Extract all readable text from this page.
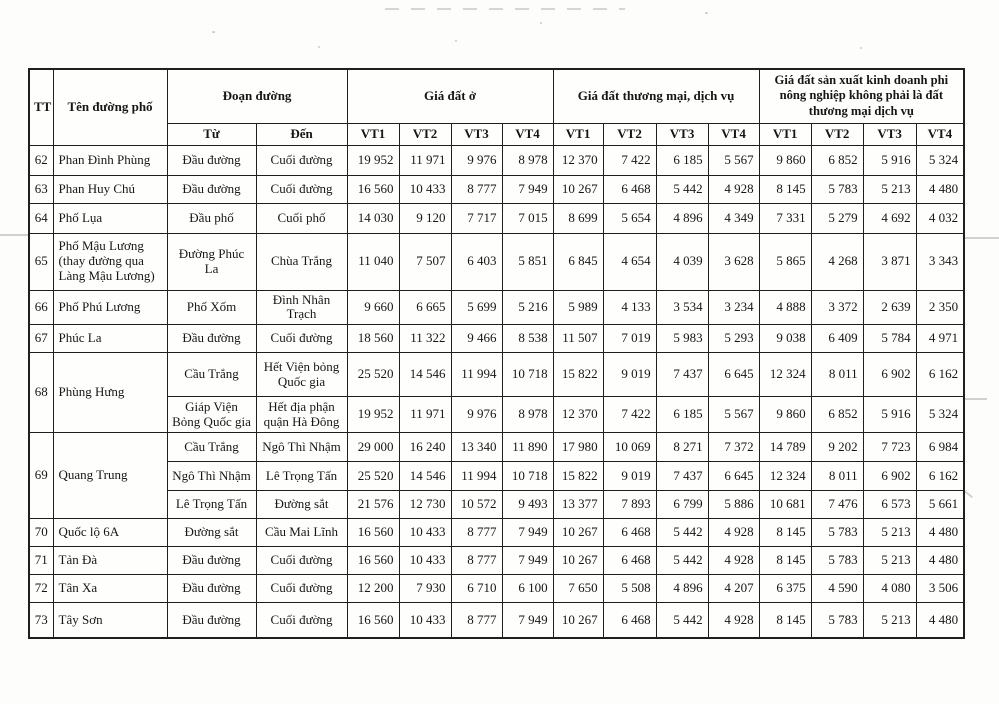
TT	Tên đường phố	Đoạn đường		Giá đất ở				Giá đất thương mại, dịch vụ				Giá đất sản xuất kinh doanh phi nông nghiệp không phải là đất thương mại dịch vụ			
		Từ	Đến	VT1	VT2	VT3	VT4	VT1	VT2	VT3	VT4	VT1	VT2	VT3	VT4
62	Phan Đình Phùng	Đầu đường	Cuối đường	19 952	11 971	9 976	8 978	12 370	7 422	6 185	5 567	9 860	6 852	5 916	5 324
63	Phan Huy Chú	Đầu đường	Cuối đường	16 560	10 433	8 777	7 949	10 267	6 468	5 442	4 928	8 145	5 783	5 213	4 480
64	Phố Lụa	Đầu phố	Cuối phố	14 030	9 120	7 717	7 015	8 699	5 654	4 896	4 349	7 331	5 279	4 692	4 032
65	Phố Mậu Lương (thay đường qua Làng Mậu Lương)	Đường Phúc La	Chùa Trắng	11 040	7 507	6 403	5 851	6 845	4 654	4 039	3 628	5 865	4 268	3 871	3 343
66	Phố Phú Lương	Phố Xốm	Đình Nhân Trạch	9 660	6 665	5 699	5 216	5 989	4 133	3 534	3 234	4 888	3 372	2 639	2 350
67	Phúc La	Đầu đường	Cuối đường	18 560	11 322	9 466	8 538	11 507	7 019	5 983	5 293	9 038	6 409	5 784	4 971
68	Phùng Hưng	Cầu Trắng	Hết Viện bỏng Quốc gia	25 520	14 546	11 994	10 718	15 822	9 019	7 437	6 645	12 324	8 011	6 902	6 162
		Giáp Viện Bỏng Quốc gia	Hết địa phận quận Hà Đông	19 952	11 971	9 976	8 978	12 370	7 422	6 185	5 567	9 860	6 852	5 916	5 324
69	Quang Trung	Cầu Trắng	Ngô Thì Nhậm	29 000	16 240	13 340	11 890	17 980	10 069	8 271	7 372	14 789	9 202	7 723	6 984
		Ngô Thì Nhậm	Lê Trọng Tấn	25 520	14 546	11 994	10 718	15 822	9 019	7 437	6 645	12 324	8 011	6 902	6 162
		Lê Trọng Tấn	Đường sắt	21 576	12 730	10 572	9 493	13 377	7 893	6 799	5 886	10 681	7 476	6 573	5 661
70	Quốc lộ 6A	Đường sắt	Cầu Mai Lĩnh	16 560	10 433	8 777	7 949	10 267	6 468	5 442	4 928	8 145	5 783	5 213	4 480
71	Tản Đà	Đầu đường	Cuối đường	16 560	10 433	8 777	7 949	10 267	6 468	5 442	4 928	8 145	5 783	5 213	4 480
72	Tân Xa	Đầu đường	Cuối đường	12 200	7 930	6 710	6 100	7 650	5 508	4 896	4 207	6 375	4 590	4 080	3 506
73	Tây Sơn	Đầu đường	Cuối đường	16 560	10 433	8 777	7 949	10 267	6 468	5 442	4 928	8 145	5 783	5 213	4 480
